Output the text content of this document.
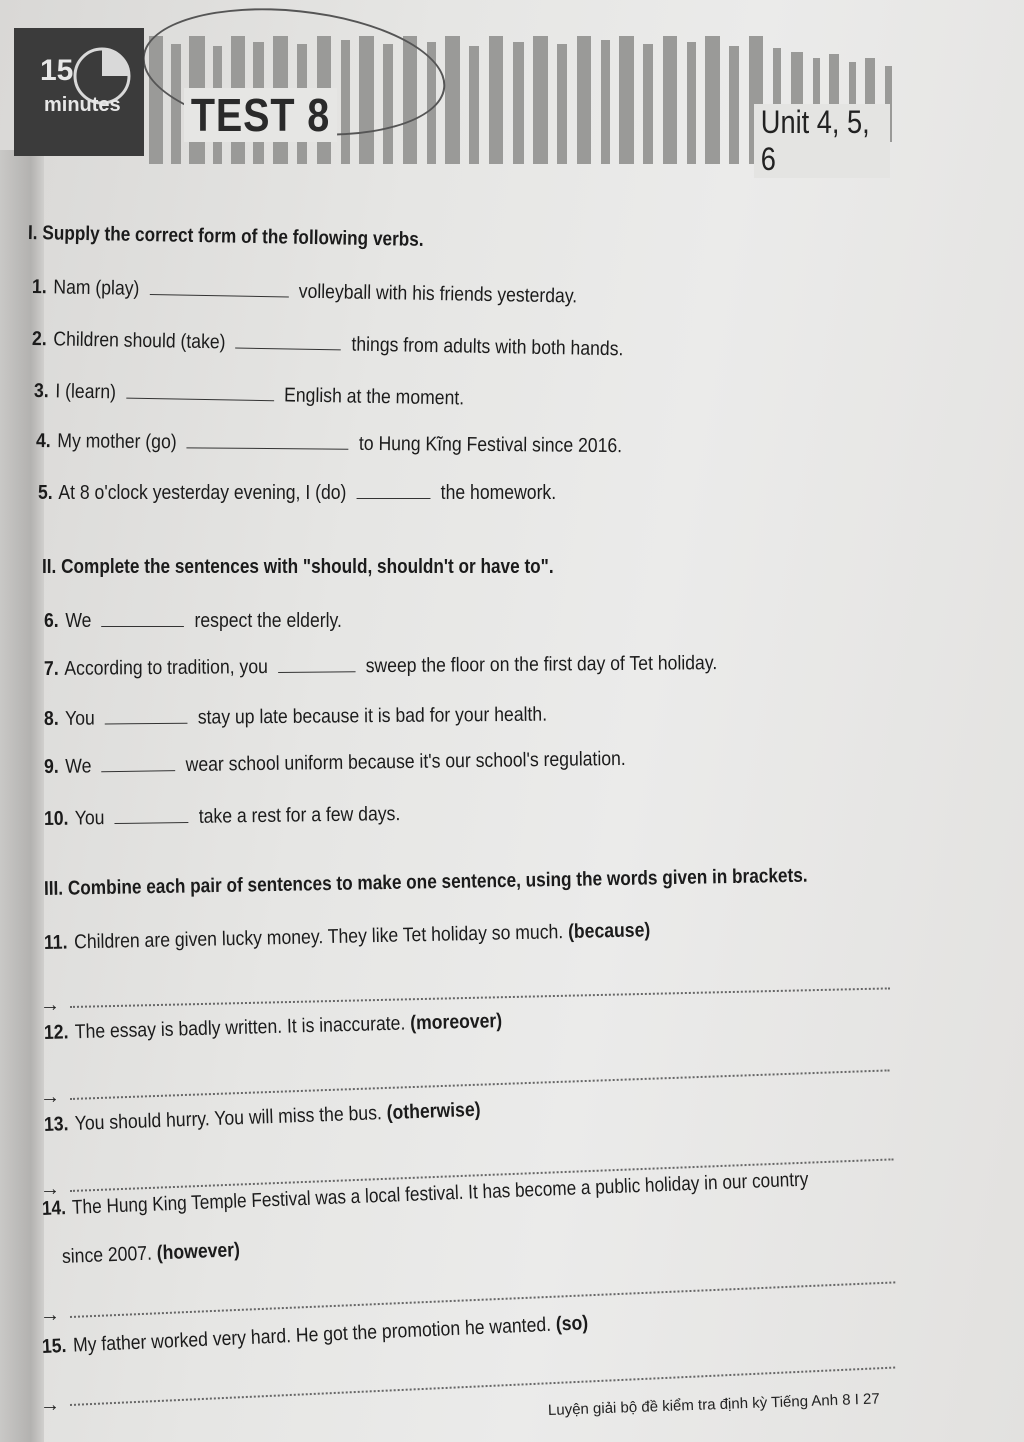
15
minutes TEST 8	Unit 4, 5, 6
I. Supply the correct form of the following verbs.
1. Nam (play)	volleyball with his friends yesterday.
2. Children should (take)	things from adults with both hands.
3. I (learn)	English at the moment.
4. My mother (go)	to Hung Kĩng Festival since 2016.
5. At 8 o'clock yesterday evening, I (do)	the homework.
II. Complete the sentences with "should, shouldn't or have to".
6. We	respect the elderly.
7. According to tradition, you	sweep the floor on the first day of Tet holiday.
8. You	stay up late because it is bad for your health.
9. We	wear school uniform because it's our school's regulation.
10. You	take a rest for a few days.
III. Combine each pair of sentences to make one sentence, using the words given in brackets.
11. Children are given lucky money. They like Tet holiday so much. (because)
→
12. The essay is badly written. It is inaccurate. (moreover)
→
13. You should hurry. You will miss the bus. (otherwise)
→
14. The Hung King Temple Festival was a local festival. It has become a public holiday in our country
since 2007. (however)
→
15. My father worked very hard. He got the promotion he wanted. (so)
→	Luyện giải bộ đề kiểm tra định kỳ Tiếng Anh 8 I 27
